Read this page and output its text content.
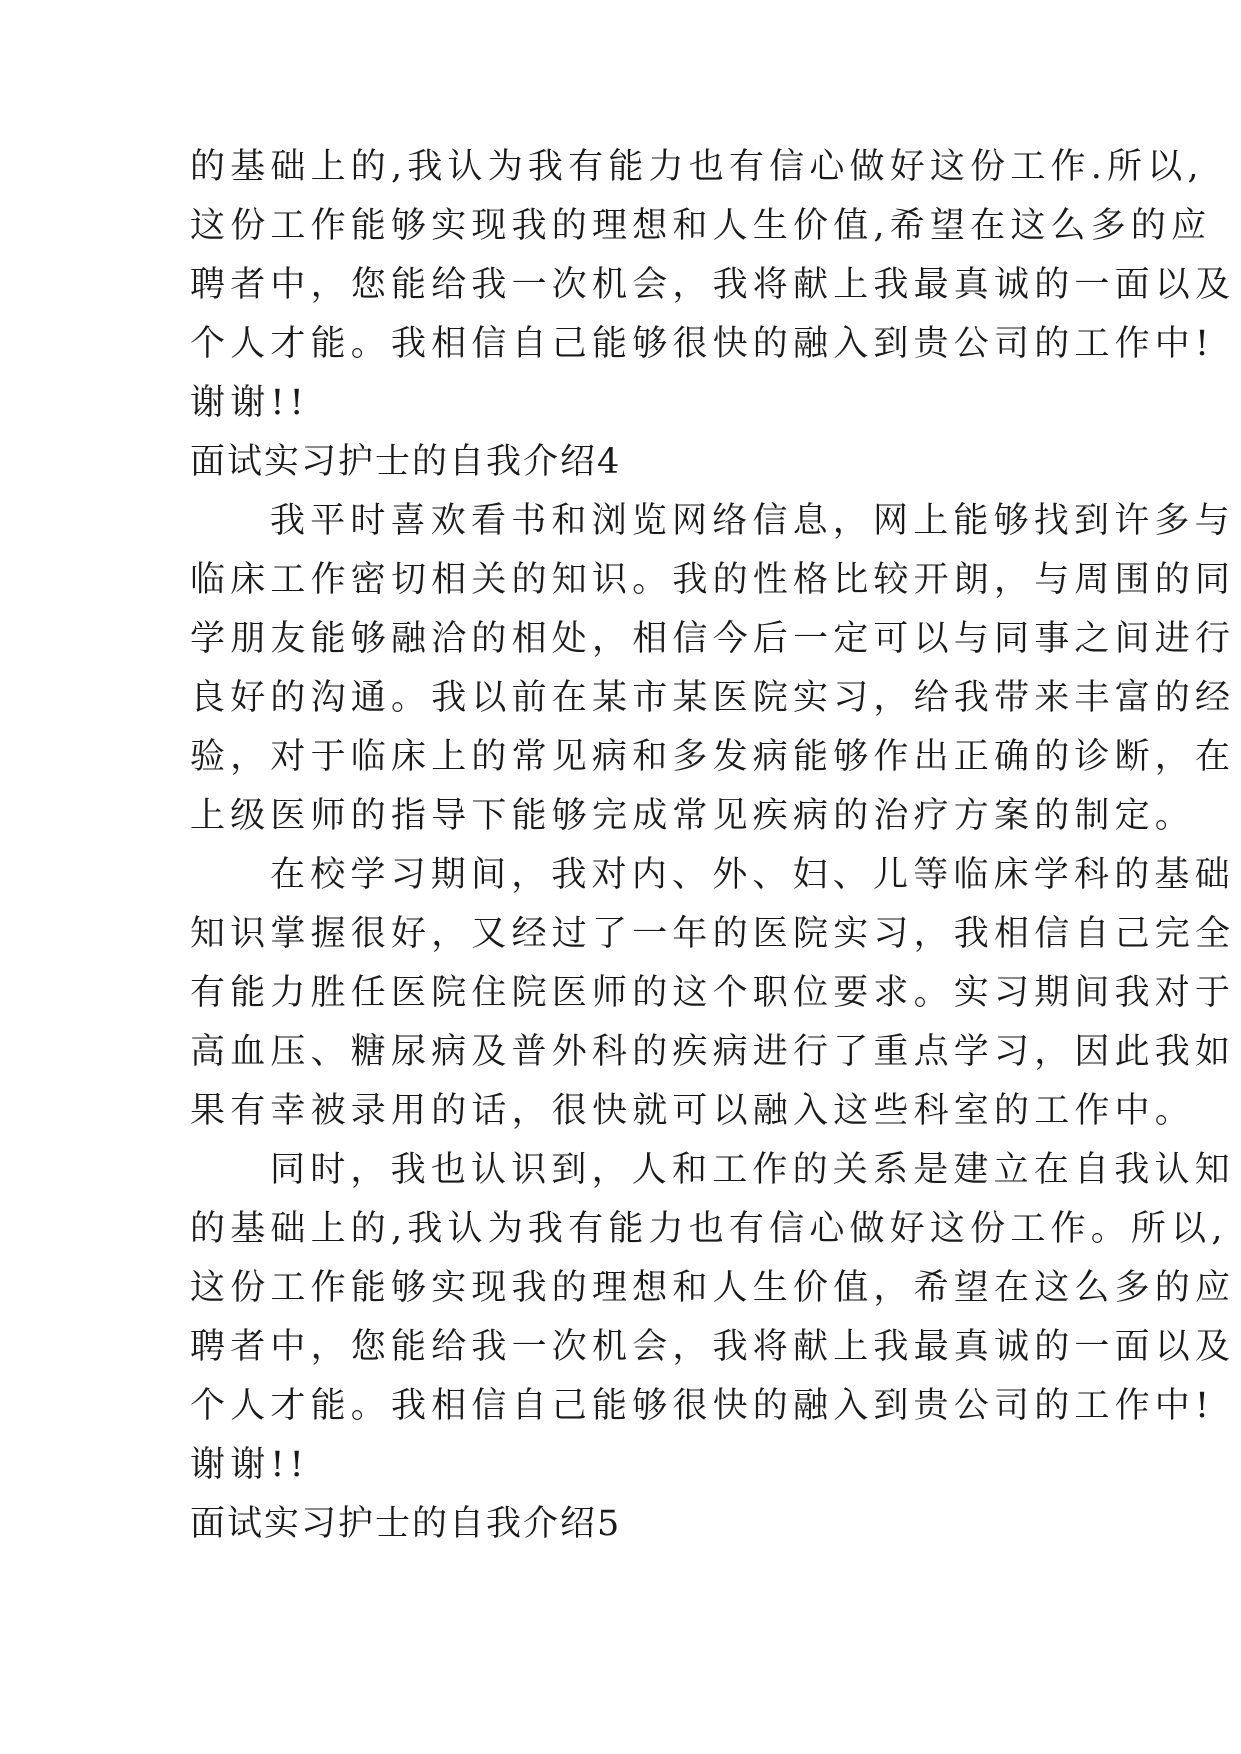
的基础上的,我认为我有能力也有信心做好这份工作.所以,
这份工作能够实现我的理想和人生价值,希望在这么多的应
聘者中，您能给我一次机会，我将献上我最真诚的一面以及
个人才能。我相信自己能够很快的融入到贵公司的工作中!
谢谢!!
面试实习护士的自我介绍4
我平时喜欢看书和浏览网络信息，网上能够找到许多与
临床工作密切相关的知识。我的性格比较开朗，与周围的同
学朋友能够融洽的相处，相信今后一定可以与同事之间进行
良好的沟通。我以前在某市某医院实习，给我带来丰富的经
验，对于临床上的常见病和多发病能够作出正确的诊断，在
上级医师的指导下能够完成常见疾病的治疗方案的制定。
在校学习期间，我对内、外、妇、儿等临床学科的基础
知识掌握很好，又经过了一年的医院实习，我相信自己完全
有能力胜任医院住院医师的这个职位要求。实习期间我对于
高血压、糖尿病及普外科的疾病进行了重点学习，因此我如
果有幸被录用的话，很快就可以融入这些科室的工作中。
同时，我也认识到，人和工作的关系是建立在自我认知
的基础上的,我认为我有能力也有信心做好这份工作。所以,
这份工作能够实现我的理想和人生价值，希望在这么多的应
聘者中，您能给我一次机会，我将献上我最真诚的一面以及
个人才能。我相信自己能够很快的融入到贵公司的工作中!
谢谢!!
面试实习护士的自我介绍5
